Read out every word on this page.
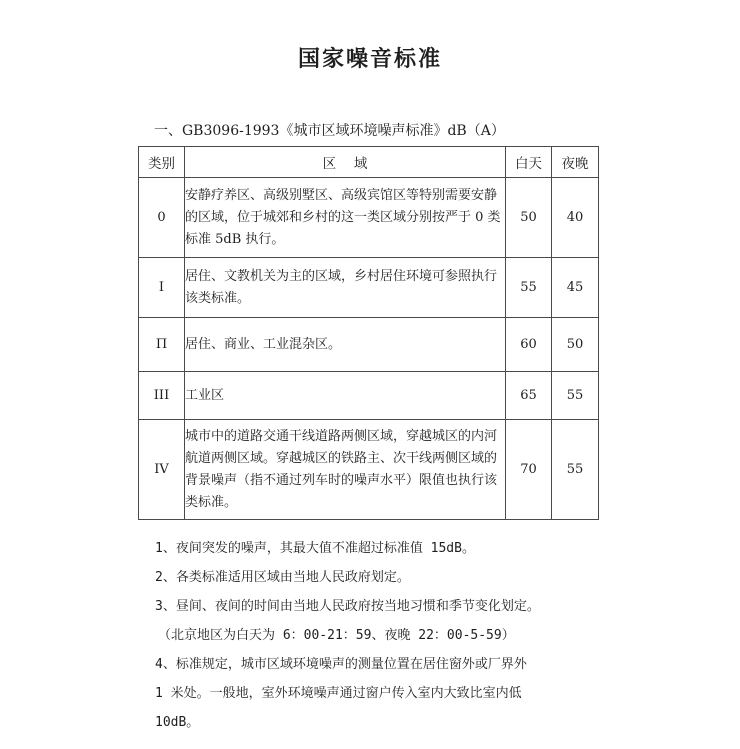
国家噪音标准
一、GB3096-1993《城市区域环境噪声标准》dB（A）
类别	区　 域	白天	夜晚
0	安静疗养区、高级别墅区、高级宾馆区等特别需要安静的区域，位于城郊和乡村的这一类区域分别按严于 0 类标准 5dB 执行。	50	40
I	居住、文教机关为主的区域，乡村居住环境可参照执行该类标准。	55	45
Π	居住、商业、工业混杂区。	60	50
III	工业区	65	55
IV	城市中的道路交通干线道路两侧区域，穿越城区的内河航道两侧区域。穿越城区的铁路主、次干线两侧区域的背景噪声（指不通过列车时的噪声水平）限值也执行该类标准。	70	55

1、夜间突发的噪声，其最大值不准超过标准值 15dB。

2、各类标准适用区域由当地人民政府划定。

3、昼间、夜间的时间由当地人民政府按当地习惯和季节变化划定。

（北京地区为白天为 6：00-21：59、夜晚 22：00-5-59）

4、标准规定，城市区域环境噪声的测量位置在居住窗外或厂界外

1 米处。一般地，室外环境噪声通过窗户传入室内大致比室内低

10dB。
